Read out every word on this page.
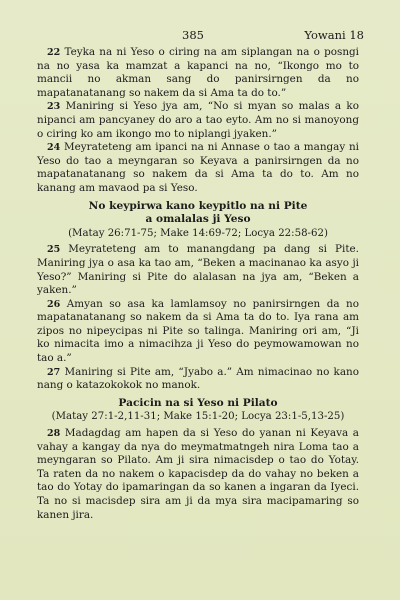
385	Yowani 18

22 Teyka na ni Yeso o ciring na am siplangan na o posngi na no yasa ka mamzat a kapanci na no, “Ikongo mo to mancii no akman sang do panirsirngen da no mapatanatanang so nakem da si Ama ta do to.”

23 Maniring si Yeso jya am, “No si myan so malas a ko nipanci am pancyaney do aro a tao eyto. Am no si manoyong o ciring ko am ikongo mo to niplangi jyaken.”

24 Meyrateteng am ipanci na ni Annase o tao a mangay ni Yeso do tao a meyngaran so Keyava a panirsirngen da no mapatanatanang so nakem da si Ama ta do to. Am no kanang am mavaod pa si Yeso.

No keypirwa kano keypitlo na ni Pite
a omalalas ji Yeso
(Matay 26:71-75; Make 14:69-72; Locya 22:58-62)

25 Meyrateteng am to manangdang pa dang si Pite. Maniring jya o asa ka tao am, “Beken a macinanao ka asyo ji Yeso?” Maniring si Pite do alalasan na jya am, “Beken a yaken.”

26 Amyan so asa ka lamlamsoy no panirsirngen da no mapatanatanang so nakem da si Ama ta do to. Iya rana am zipos no nipeycipas ni Pite so talinga. Maniring ori am, “Ji ko nimacita imo a nimacihza ji Yeso do peymowamowan no tao a.”

27 Maniring si Pite am, “Jyabo a.” Am nimacinao no kano nang o katazokokok no manok.

Pacicin na si Yeso ni Pilato
(Matay 27:1-2,11-31; Make 15:1-20; Locya 23:1-5,13-25)

28 Madagdag am hapen da si Yeso do yanan ni Keyava a vahay a kangay da nya do meymatmatngeh nira Loma tao a meyngaran so Pilato. Am ji sira nimacisdep o tao do Yotay. Ta raten da no nakem o kapacisdep da do vahay no beken a tao do Yotay do ipamaringan da so kanen a ingaran da Iyeci. Ta no si macisdep sira am ji da mya sira macipamaring so kanen jira.
